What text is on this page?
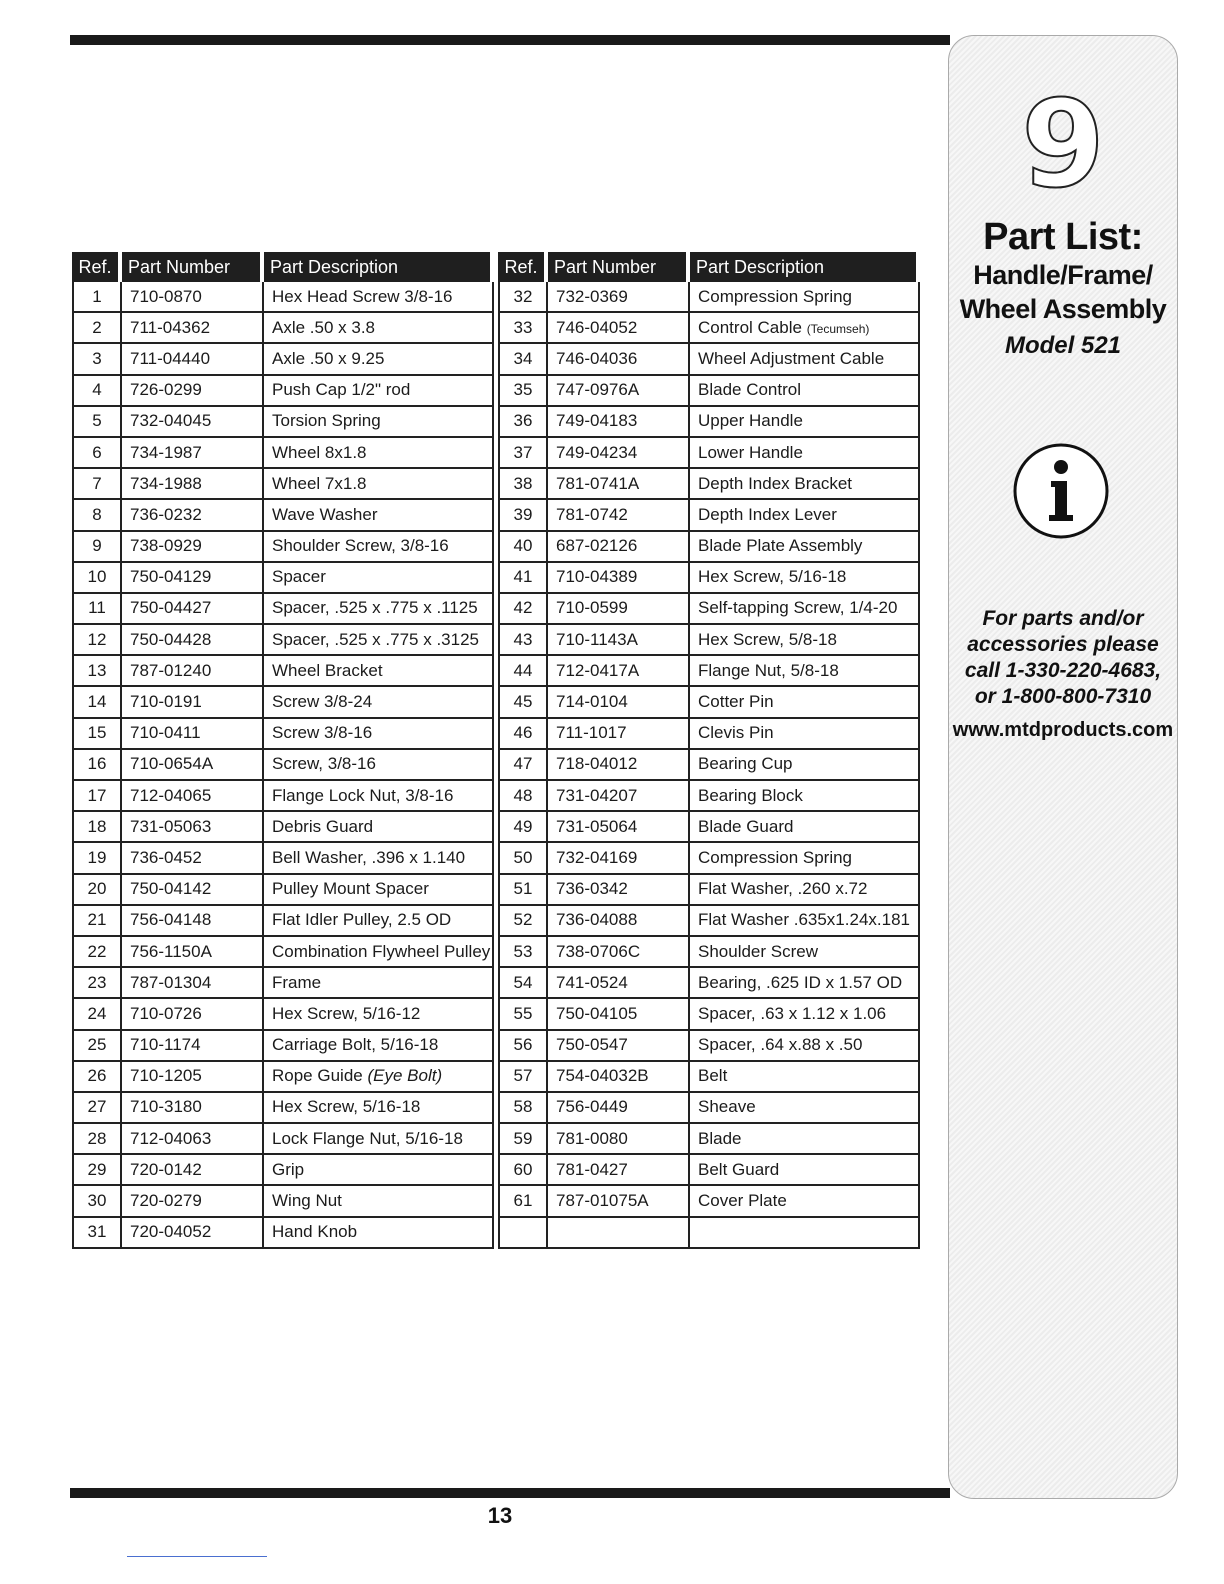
Ref.	Part Number	Part Description		Ref.	Part Number	Part Description
1	710-0870	Hex Head Screw 3/8-16		32	732-0369	Compression Spring
2	711-04362	Axle .50 x 3.8		33	746-04052	Control Cable (Tecumseh)
3	711-04440	Axle .50 x 9.25		34	746-04036	Wheel Adjustment Cable
4	726-0299	Push Cap 1/2" rod		35	747-0976A	Blade Control
5	732-04045	Torsion Spring		36	749-04183	Upper Handle
6	734-1987	Wheel 8x1.8		37	749-04234	Lower Handle
7	734-1988	Wheel 7x1.8		38	781-0741A	Depth Index Bracket
8	736-0232	Wave Washer		39	781-0742	Depth Index Lever
9	738-0929	Shoulder Screw, 3/8-16		40	687-02126	Blade Plate Assembly
10	750-04129	Spacer		41	710-04389	Hex Screw, 5/16-18
11	750-04427	Spacer, .525 x .775 x .1125		42	710-0599	Self-tapping Screw, 1/4-20
12	750-04428	Spacer, .525 x .775 x .3125		43	710-1143A	Hex Screw, 5/8-18
13	787-01240	Wheel Bracket		44	712-0417A	Flange Nut, 5/8-18
14	710-0191	Screw 3/8-24		45	714-0104	Cotter Pin
15	710-0411	Screw 3/8-16		46	711-1017	Clevis Pin
16	710-0654A	Screw, 3/8-16		47	718-04012	Bearing Cup
17	712-04065	Flange Lock Nut, 3/8-16		48	731-04207	Bearing Block
18	731-05063	Debris Guard		49	731-05064	Blade Guard
19	736-0452	Bell Washer, .396 x 1.140		50	732-04169	Compression Spring
20	750-04142	Pulley Mount Spacer		51	736-0342	Flat Washer, .260 x.72
21	756-04148	Flat Idler Pulley, 2.5 OD		52	736-04088	Flat Washer .635x1.24x.181
22	756-1150A	Combination Flywheel Pulley		53	738-0706C	Shoulder Screw
23	787-01304	Frame		54	741-0524	Bearing, .625 ID x 1.57 OD
24	710-0726	Hex Screw, 5/16-12		55	750-04105	Spacer, .63 x 1.12 x 1.06
25	710-1174	Carriage Bolt, 5/16-18		56	750-0547	Spacer, .64 x.88 x .50
26	710-1205	Rope Guide (Eye Bolt)		57	754-04032B	Belt
27	710-3180	Hex Screw, 5/16-18		58	756-0449	Sheave
28	712-04063	Lock Flange Nut, 5/16-18		59	781-0080	Blade
29	720-0142	Grip		60	781-0427	Belt Guard
30	720-0279	Wing Nut		61	787-01075A	Cover Plate
31	720-04052	Hand Knob				
9
Part List:
Handle/Frame/
Wheel Assembly
Model 521
For parts and/or
accessories please
call 1-330-220-4683,
or 1-800-800-7310
www.mtdproducts.com
13
